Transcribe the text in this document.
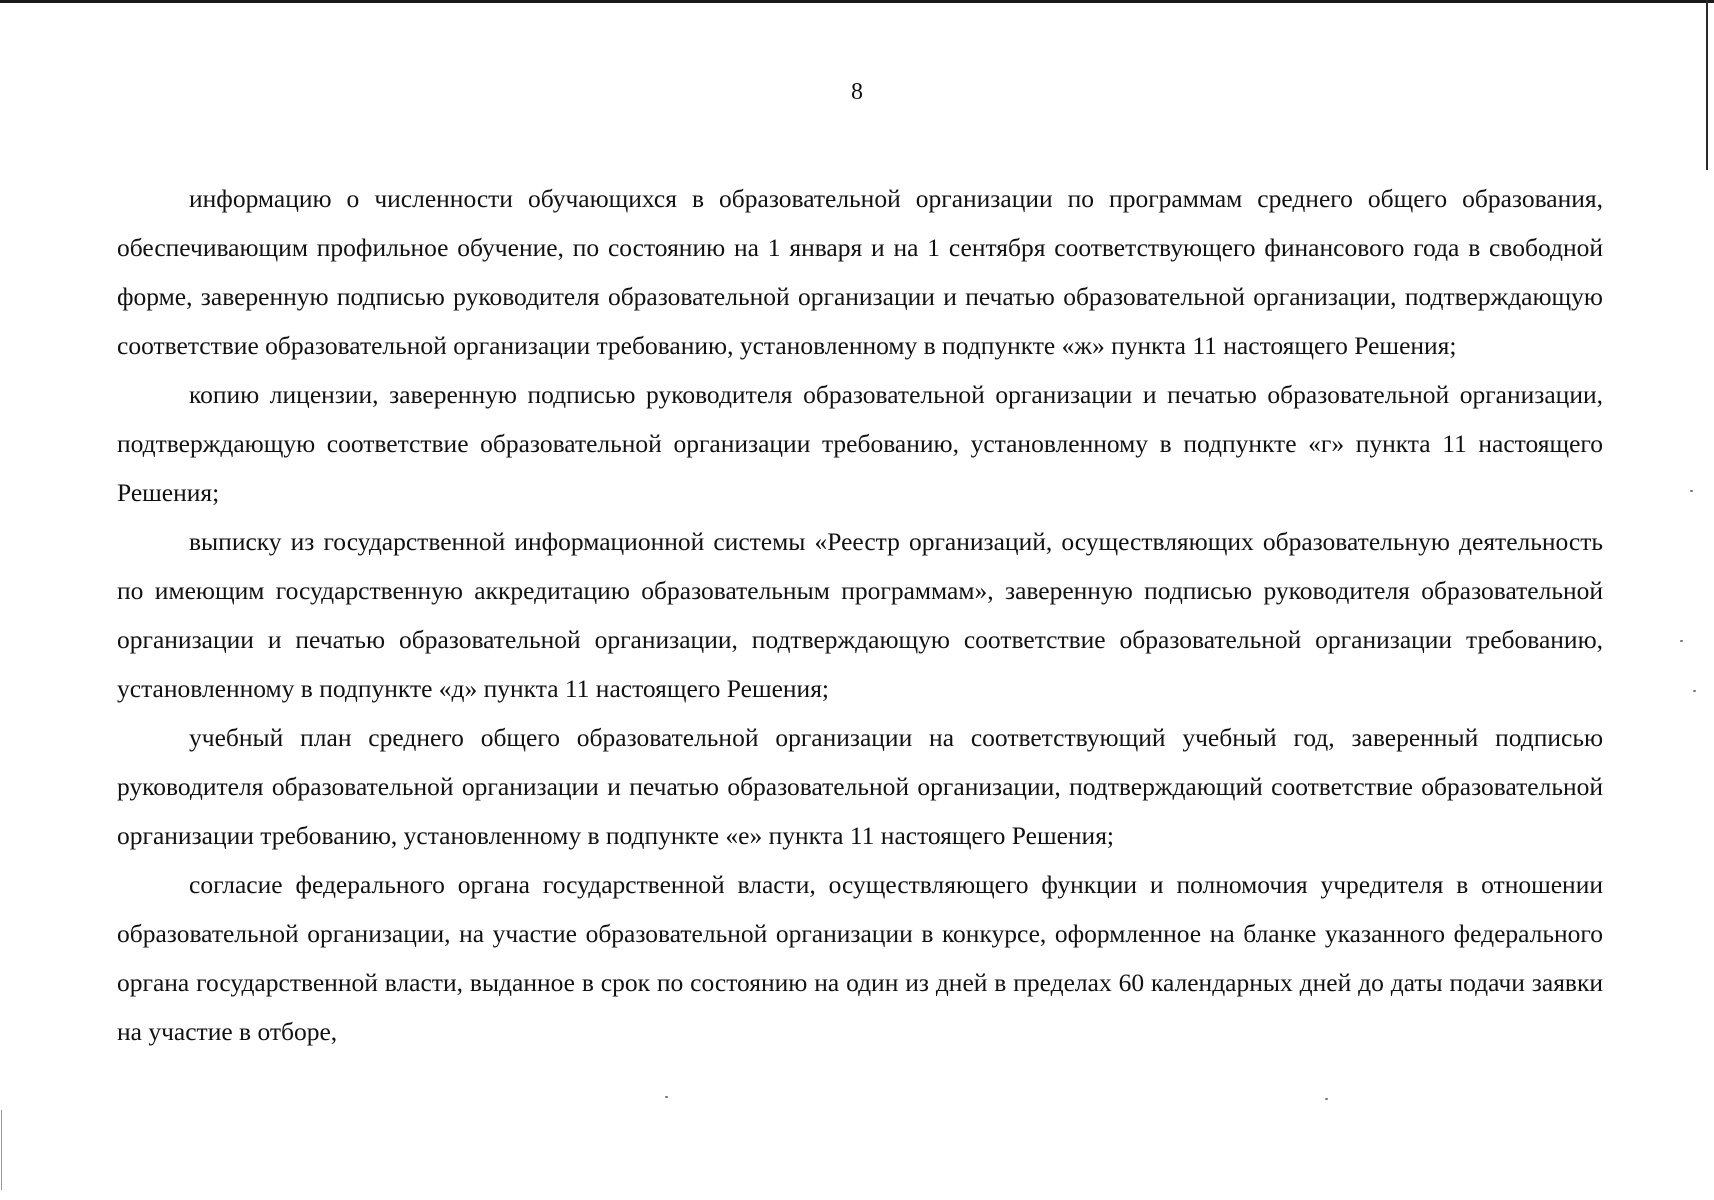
8

информацию о численности обучающихся в образовательной организации по программам среднего общего образования, обеспечивающим профильное обучение, по состоянию на 1 января и на 1 сентября соответствующего финансового года в свободной форме, заверенную подписью руководителя образовательной организации и печатью образовательной организации, подтверждающую соответствие образовательной организации требованию, установленному в подпункте «ж» пункта 11 настоящего Решения;

копию лицензии, заверенную подписью руководителя образовательной организации и печатью образовательной организации, подтверждающую соответствие образовательной организации требованию, установленному в подпункте «г» пункта 11 настоящего Решения;

выписку из государственной информационной системы «Реестр организаций, осуществляющих образовательную деятельность по имеющим государственную аккредитацию образовательным программам», заверенную подписью руководителя образовательной организации и печатью образовательной организации, подтверждающую соответствие образовательной организации требованию, установленному в подпункте «д» пункта 11 настоящего Решения;

учебный план среднего общего образовательной организации на соответствующий учебный год, заверенный подписью руководителя образовательной организации и печатью образовательной организации, подтверждающий соответствие образовательной организации требованию, установленному в подпункте «е» пункта 11 настоящего Решения;

согласие федерального органа государственной власти, осуществляющего функции и полномочия учредителя в отношении образовательной организации, на участие образовательной организации в конкурсе, оформленное на бланке указанного федерального органа государственной власти, выданное в срок по состоянию на один из дней в пределах 60 календарных дней до даты подачи заявки на участие в отборе,
